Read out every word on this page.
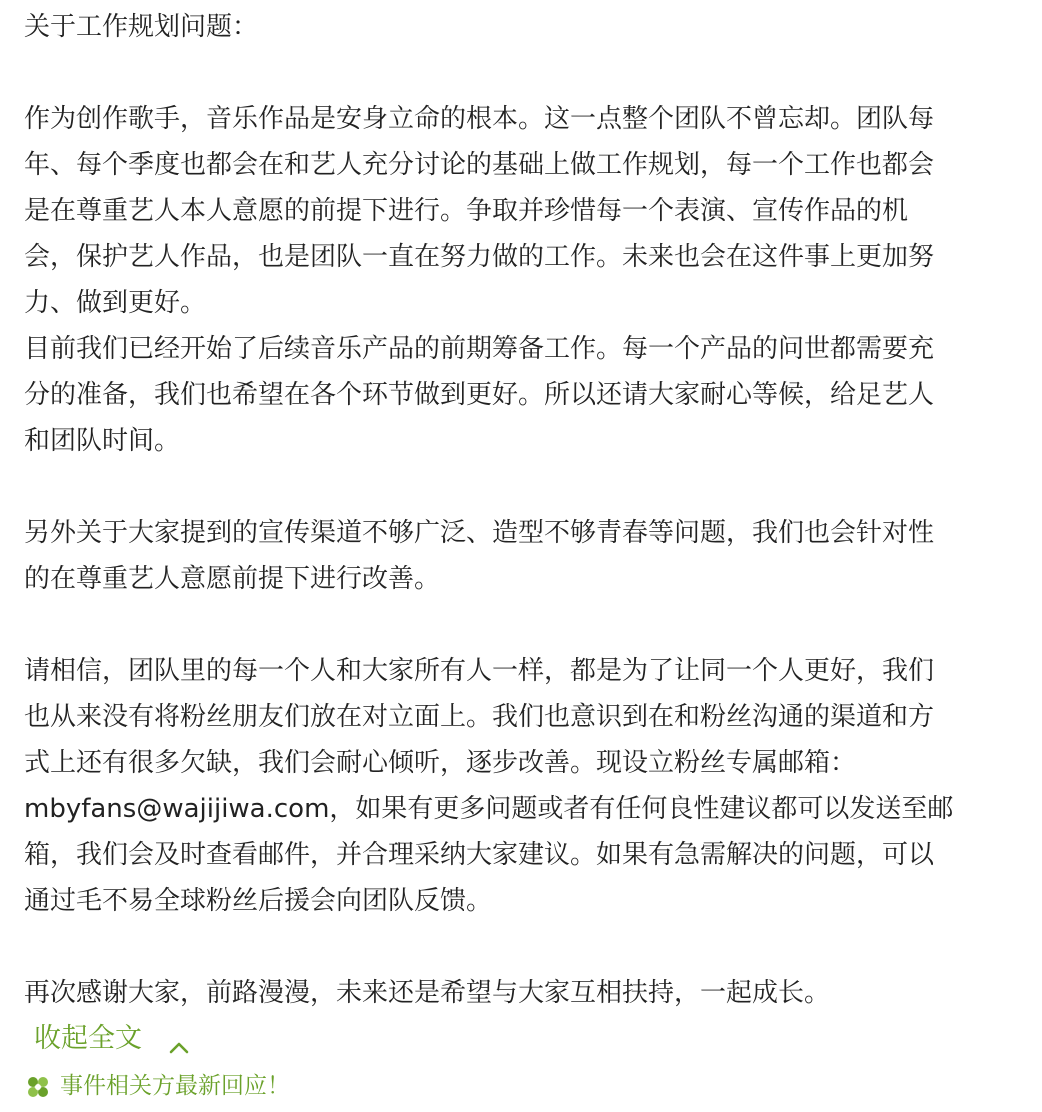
关于工作规划问题：
作为创作歌手，音乐作品是安身立命的根本。这一点整个团队不曾忘却。团队每
年、每个季度也都会在和艺人充分讨论的基础上做工作规划，每一个工作也都会
是在尊重艺人本人意愿的前提下进行。争取并珍惜每一个表演、宣传作品的机
会，保护艺人作品，也是团队一直在努力做的工作。未来也会在这件事上更加努
力、做到更好。
目前我们已经开始了后续音乐产品的前期筹备工作。每一个产品的问世都需要充
分的准备，我们也希望在各个环节做到更好。所以还请大家耐心等候，给足艺人
和团队时间。
另外关于大家提到的宣传渠道不够广泛、造型不够青春等问题，我们也会针对性
的在尊重艺人意愿前提下进行改善。
请相信，团队里的每一个人和大家所有人一样，都是为了让同一个人更好，我们
也从来没有将粉丝朋友们放在对立面上。我们也意识到在和粉丝沟通的渠道和方
式上还有很多欠缺，我们会耐心倾听，逐步改善。现设立粉丝专属邮箱：
mbyfans@wajijiwa.com，如果有更多问题或者有任何良性建议都可以发送至邮
箱，我们会及时查看邮件，并合理采纳大家建议。如果有急需解决的问题，可以
通过毛不易全球粉丝后援会向团队反馈。
再次感谢大家，前路漫漫，未来还是希望与大家互相扶持，一起成长。
收起全文
事件相关方最新回应！
